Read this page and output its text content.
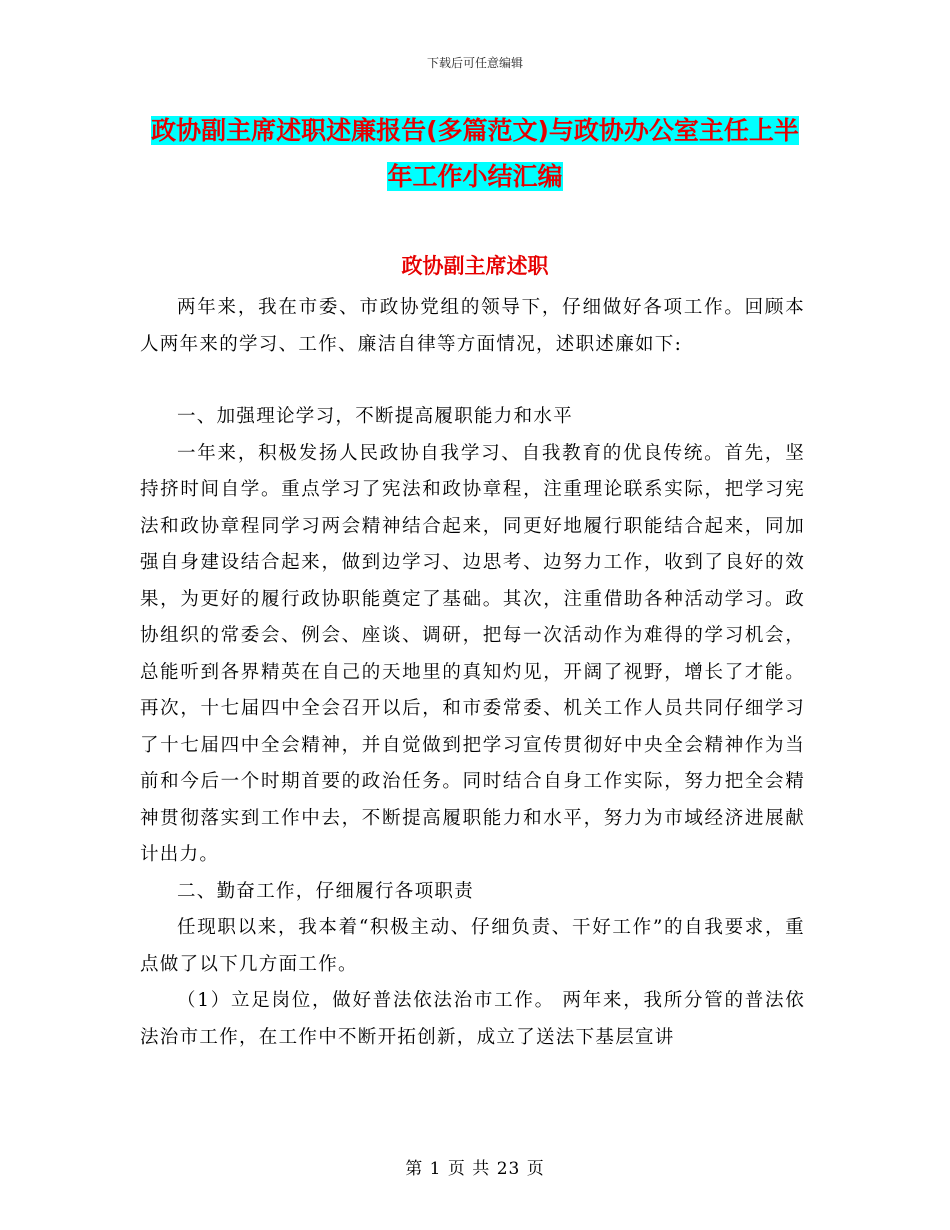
下载后可任意编辑
政协副主席述职述廉报告(多篇范文)与政协办公室主任上半年工作小结汇编
政协副主席述职

两年来，我在市委、市政协党组的领导下，仔细做好各项工作。回顾本人两年来的学习、工作、廉洁自律等方面情况，述职述廉如下:

一、加强理论学习，不断提高履职能力和水平

一年来，积极发扬人民政协自我学习、自我教育的优良传统。首先，坚持挤时间自学。重点学习了宪法和政协章程，注重理论联系实际，把学习宪法和政协章程同学习两会精神结合起来，同更好地履行职能结合起来，同加强自身建设结合起来，做到边学习、边思考、边努力工作，收到了良好的效果，为更好的履行政协职能奠定了基础。其次，注重借助各种活动学习。政协组织的常委会、例会、座谈、调研，把每一次活动作为难得的学习机会，总能听到各界精英在自己的天地里的真知灼见，开阔了视野，增长了才能。再次，十七届四中全会召开以后，和市委常委、机关工作人员共同仔细学习了十七届四中全会精神，并自觉做到把学习宣传贯彻好中央全会精神作为当前和今后一个时期首要的政治任务。同时结合自身工作实际，努力把全会精神贯彻落实到工作中去，不断提高履职能力和水平，努力为市域经济进展献计出力。

二、勤奋工作，仔细履行各项职责

任现职以来，我本着“积极主动、仔细负责、干好工作”的自我要求，重点做了以下几方面工作。

（1）立足岗位，做好普法依法治市工作。 两年来，我所分管的普法依法治市工作，在工作中不断开拓创新，成立了送法下基层宣讲

第 1 页 共 23 页
